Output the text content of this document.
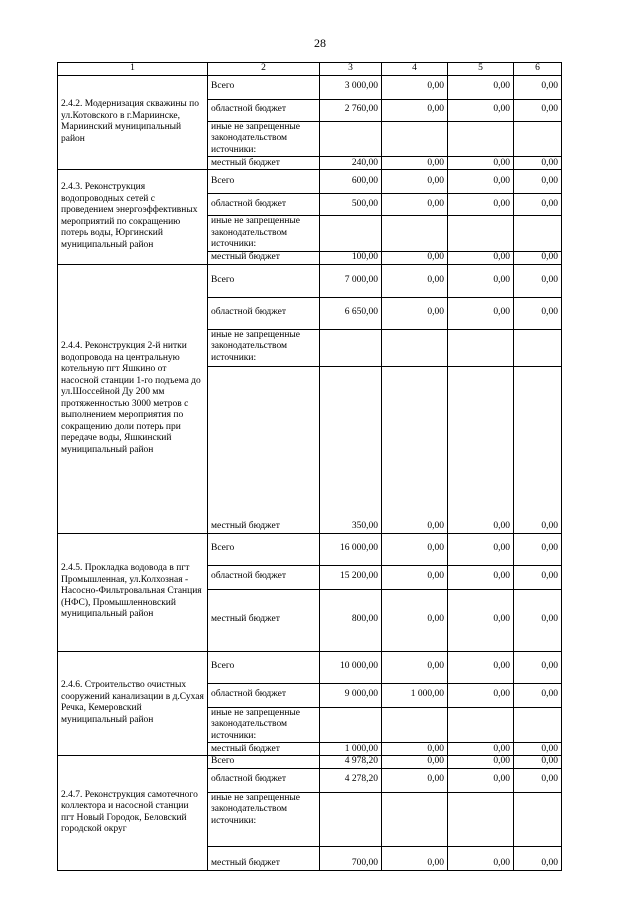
28
1	2	3	4	5	6
2.4.2. Модернизация скважины по ул.Котовского в г.Мариинске, Мариинский муниципальный район	Всего	3 000,00	0,00	0,00	0,00
	областной бюджет	2 760,00	0,00	0,00	0,00
	иные не запрещенные законодательством источники:				
	местный бюджет	240,00	0,00	0,00	0,00
2.4.3. Реконструкция водопроводных сетей с проведением энергоэффективных мероприятий по сокращению потерь воды, Юргинский муниципальный район	Всего	600,00	0,00	0,00	0,00
	областной бюджет	500,00	0,00	0,00	0,00
	иные не запрещенные законодательством источники:				
	местный бюджет	100,00	0,00	0,00	0,00
2.4.4. Реконструкция 2-й нитки водопровода на центральную котельную пгт Яшкино от насосной станции 1-го подъема до ул.Шоссейной Ду 200 мм протяженностью 3000 метров с выполнением мероприятия по сокращению доли потерь при передаче воды, Яшкинский муниципальный район	Всего	7 000,00	0,00	0,00	0,00
	областной бюджет	6 650,00	0,00	0,00	0,00
	иные не запрещенные законодательством источники:				
	местный бюджет	350,00	0,00	0,00	0,00
2.4.5. Прокладка водовода в пгт Промышленная, ул.Колхозная - Насосно-Фильтровальная Станция (НФС), Промышленновский муниципальный район	Всего	16 000,00	0,00	0,00	0,00
	областной бюджет	15 200,00	0,00	0,00	0,00
	местный бюджет	800,00	0,00	0,00	0,00
2.4.6. Строительство очистных сооружений канализации в д.Сухая Речка, Кемеровский муниципальный район	Всего	10 000,00	0,00	0,00	0,00
	областной бюджет	9 000,00	1 000,00	0,00	0,00
	иные не запрещенные законодательством источники:				
	местный бюджет	1 000,00	0,00	0,00	0,00
2.4.7. Реконструкция самотечного коллектора и насосной станции пгт Новый Городок, Беловский городской округ	Всего	4 978,20	0,00	0,00	0,00
	областной бюджет	4 278,20	0,00	0,00	0,00
	иные не запрещенные законодательством источники:				
	местный бюджет	700,00	0,00	0,00	0,00
